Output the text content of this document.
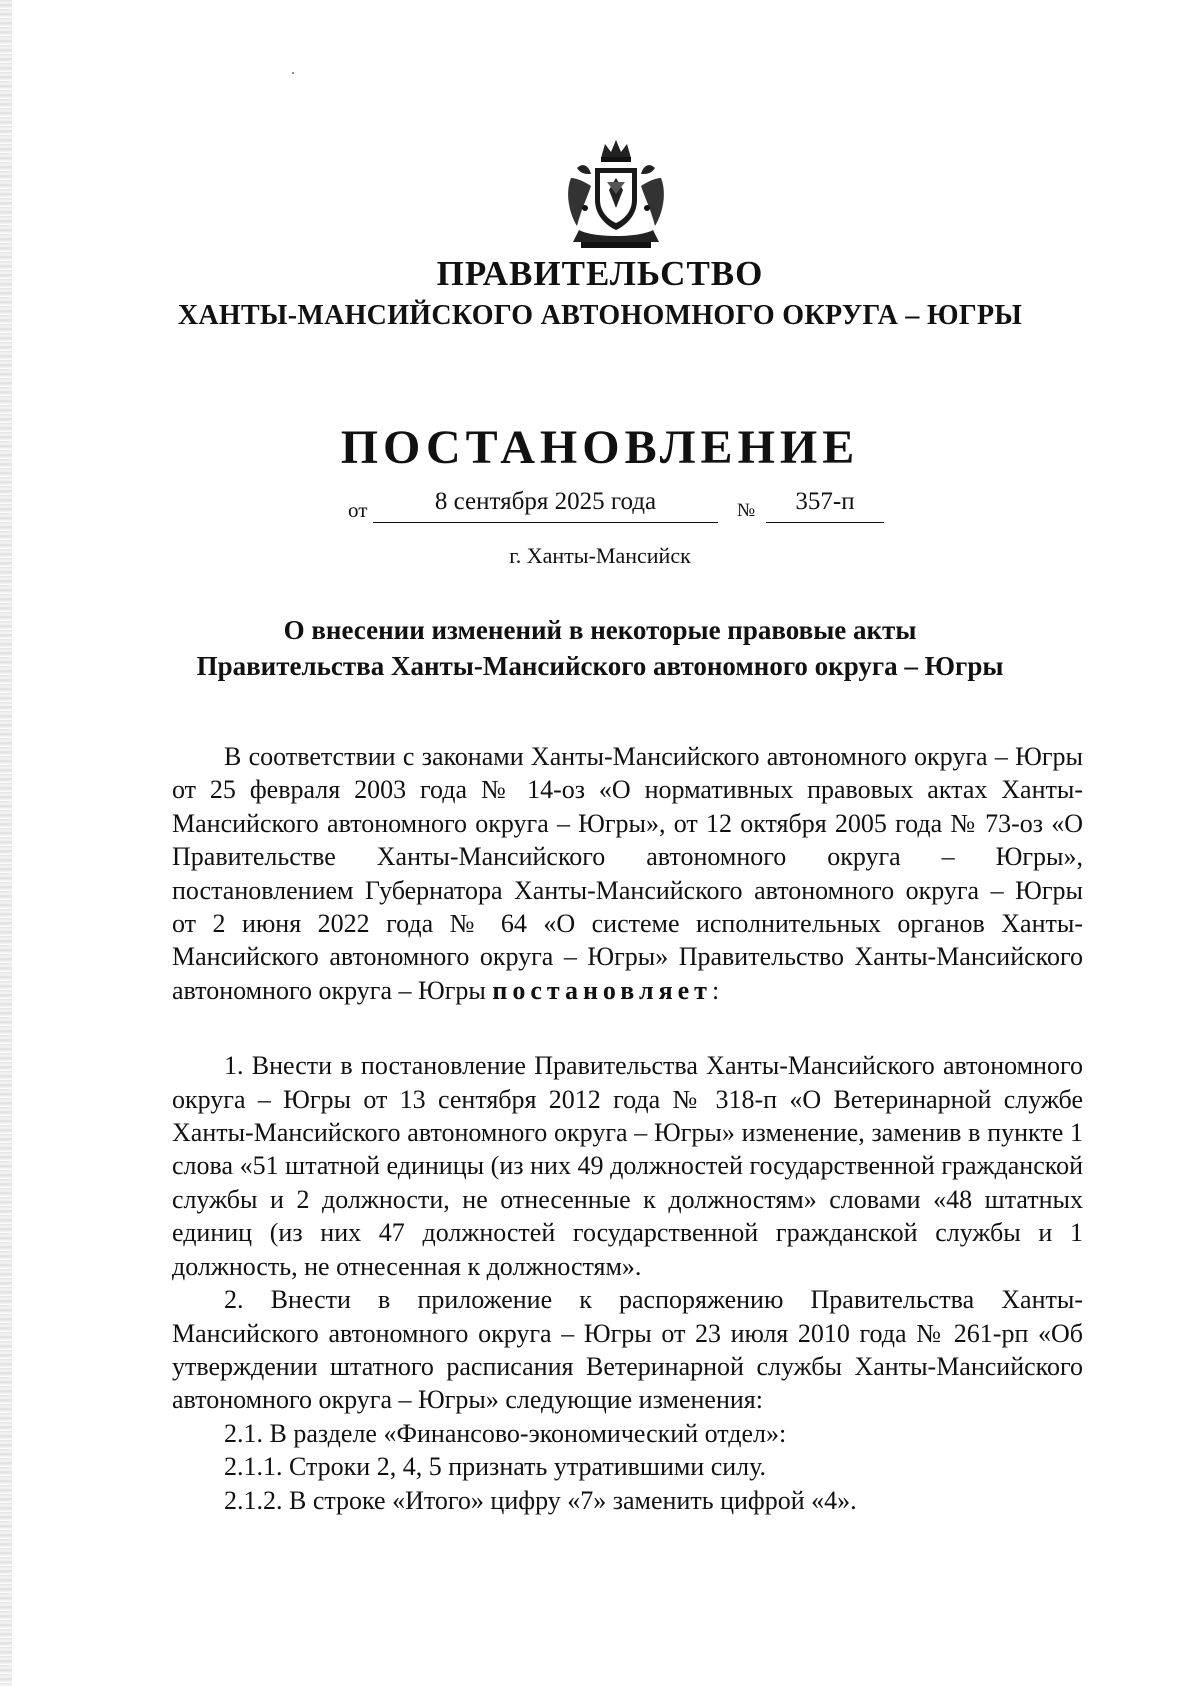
ПРАВИТЕЛЬСТВО
ХАНТЫ-МАНСИЙСКОГО АВТОНОМНОГО ОКРУГА – ЮГРЫ
ПОСТАНОВЛЕНИЕ
от	8 сентября 2025 года	№	357-п
г. Ханты-Мансийск
О внесении изменений в некоторые правовые акты
Правительства Ханты-Мансийского автономного округа – Югры

В соответствии с законами Ханты-Мансийского автономного округа – Югры от 25 февраля 2003 года № 14-оз «О нормативных правовых актах Ханты-Мансийского автономного округа – Югры», от 12 октября 2005 года № 73-оз «О Правительстве Ханты-Мансийского автономного округа – Югры», постановлением Губернатора Ханты-Мансийского автономного округа – Югры от 2 июня 2022 года № 64 «О системе исполнительных органов Ханты-Мансийского автономного округа – Югры» Правительство Ханты-Мансийского автономного округа – Югры постановляет:

1. Внести в постановление Правительства Ханты-Мансийского автономного округа – Югры от 13 сентября 2012 года № 318-п «О Ветеринарной службе Ханты-Мансийского автономного округа – Югры» изменение, заменив в пункте 1 слова «51 штатной единицы (из них 49 должностей государственной гражданской службы и 2 должности, не отнесенные к должностям» словами «48 штатных единиц (из них 47 должностей государственной гражданской службы и 1 должность, не отнесенная к должностям».

2. Внести в приложение к распоряжению Правительства Ханты-Мансийского автономного округа – Югры от 23 июля 2010 года № 261-рп «Об утверждении штатного расписания Ветеринарной службы Ханты-Мансийского автономного округа – Югры» следующие изменения:

2.1. В разделе «Финансово-экономический отдел»:

2.1.1. Строки 2, 4, 5 признать утратившими силу.

2.1.2. В строке «Итого» цифру «7» заменить цифрой «4».
